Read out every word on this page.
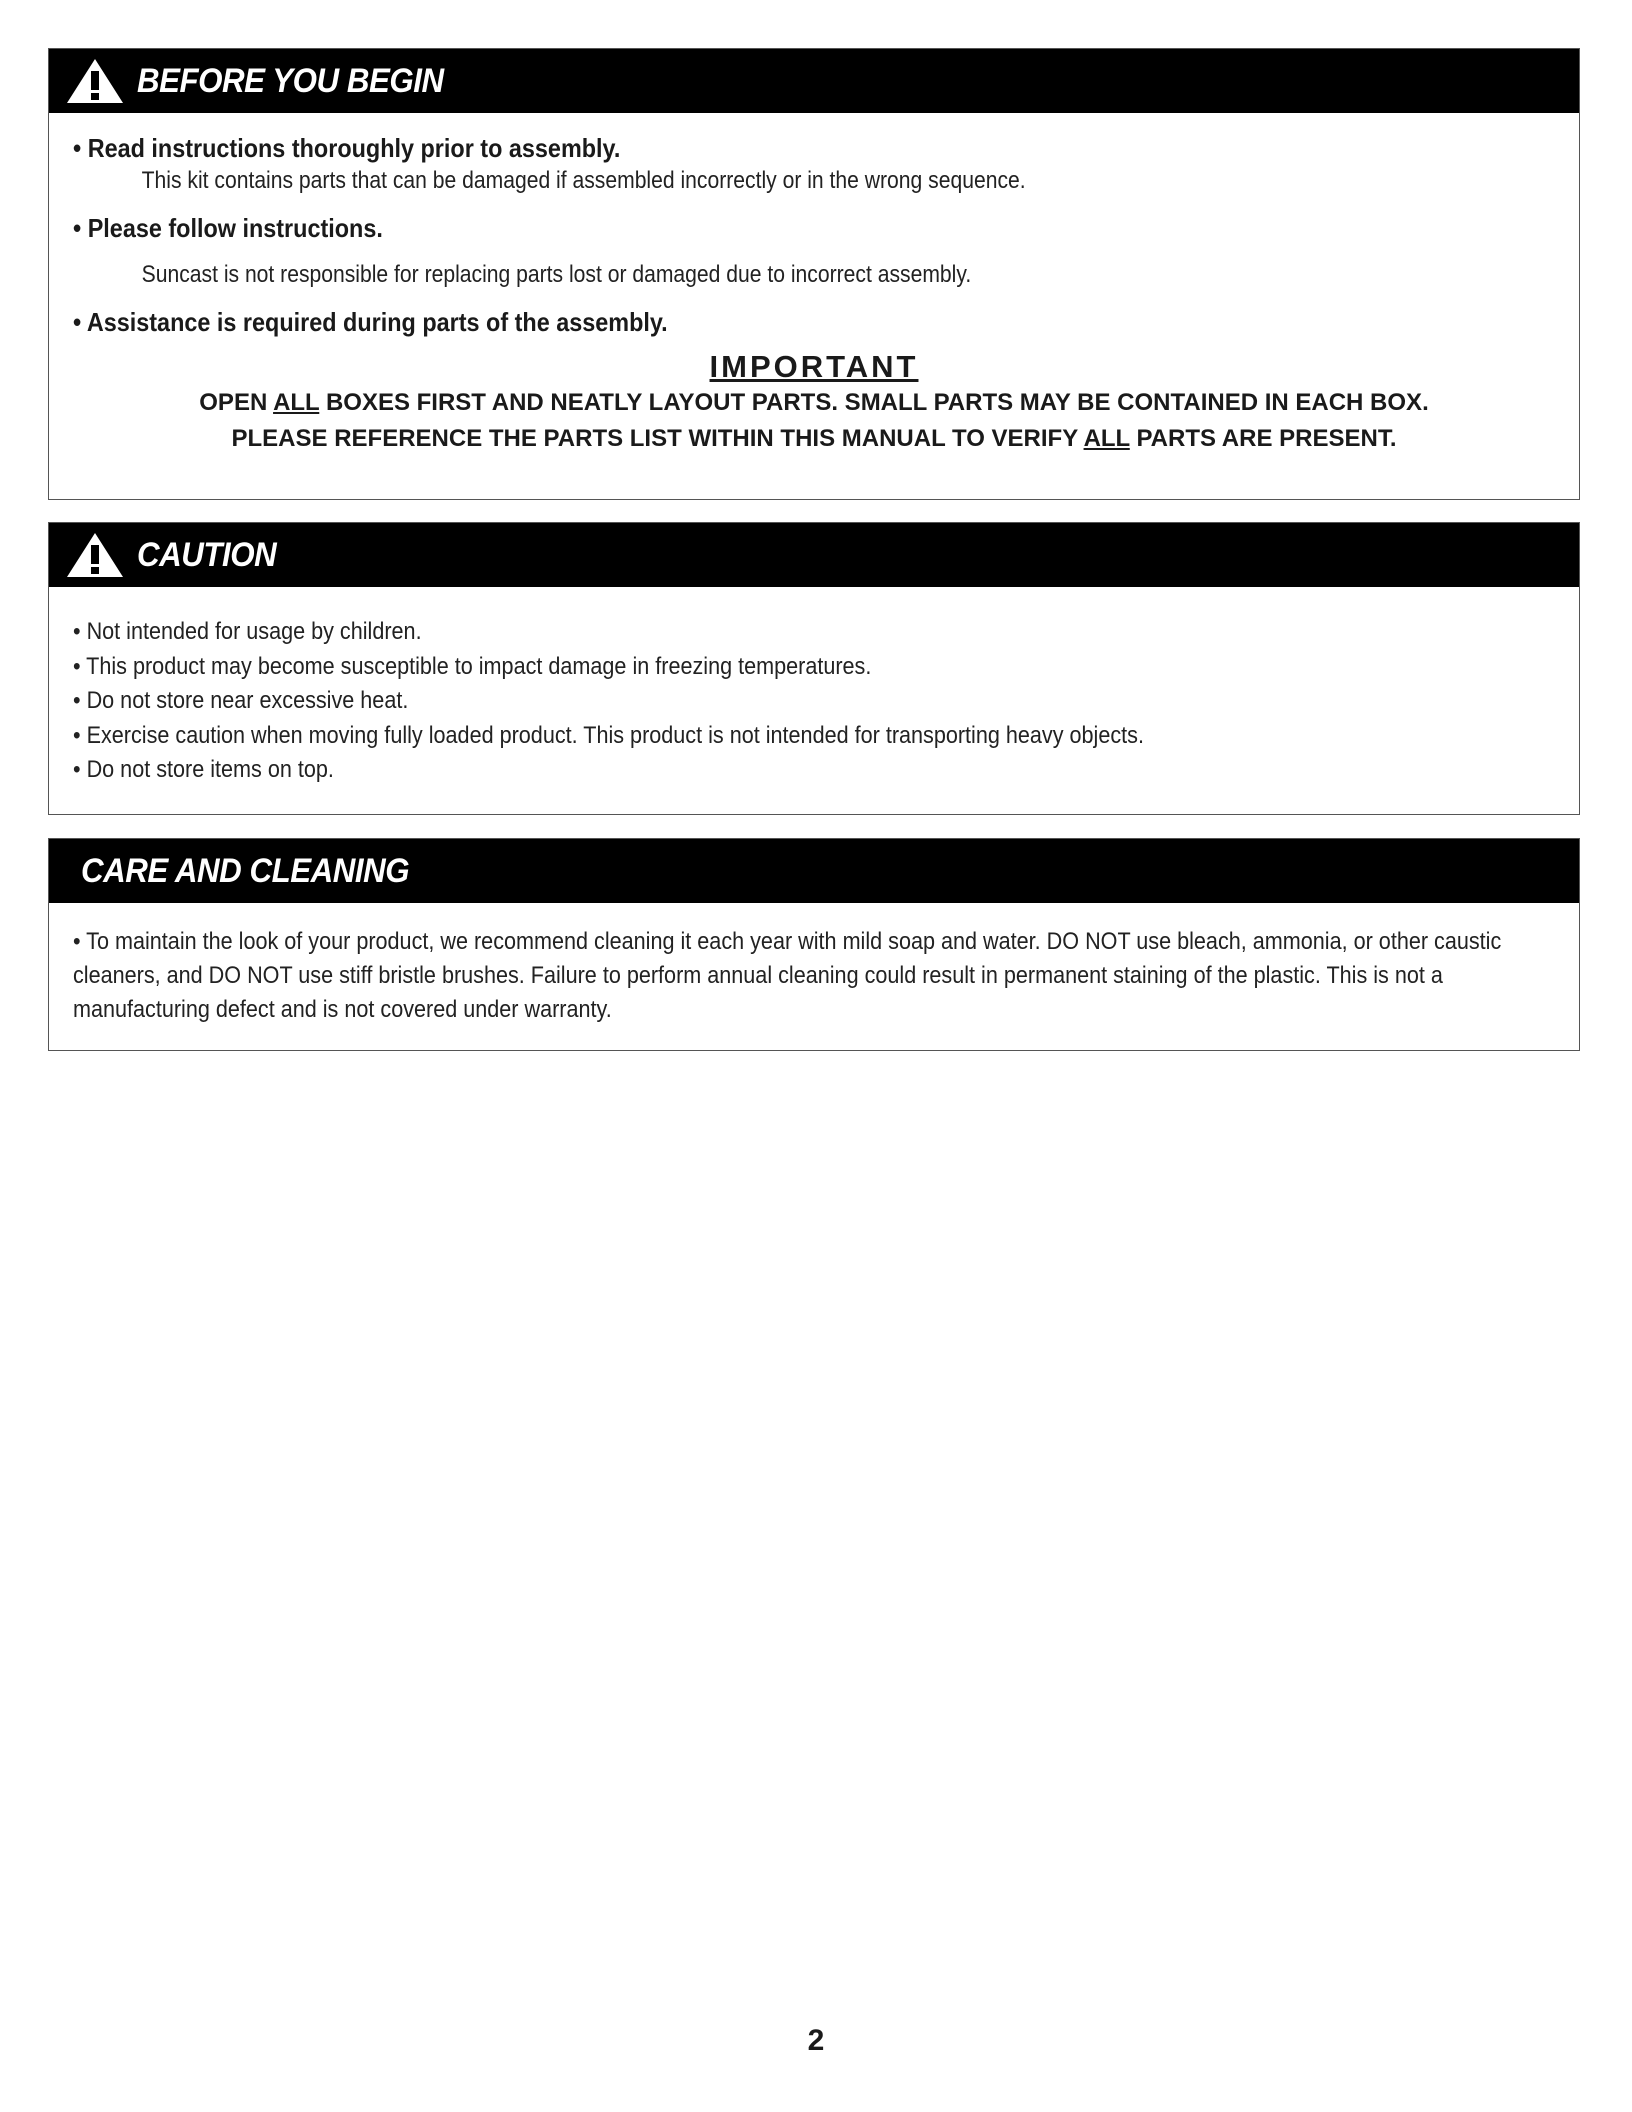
BEFORE YOU BEGIN
• Read instructions thoroughly prior to assembly.
This kit contains parts that can be damaged if assembled incorrectly or in the wrong sequence.
• Please follow instructions.
Suncast is not responsible for replacing parts lost or damaged due to incorrect assembly.
• Assistance is required during parts of the assembly.
IMPORTANT
OPEN ALL BOXES FIRST AND NEATLY LAYOUT PARTS. SMALL PARTS MAY BE CONTAINED IN EACH BOX.
PLEASE REFERENCE THE PARTS LIST WITHIN THIS MANUAL TO VERIFY ALL PARTS ARE PRESENT.
CAUTION
• Not intended for usage by children.
• This product may become susceptible to impact damage in freezing temperatures.
• Do not store near excessive heat.
• Exercise caution when moving fully loaded product. This product is not intended for transporting heavy objects.
• Do not store items on top.
CARE AND CLEANING
• To maintain the look of your product, we recommend cleaning it each year with mild soap and water. DO NOT use bleach, ammonia, or other caustic cleaners, and DO NOT use stiff bristle brushes. Failure to perform annual cleaning could result in permanent staining of the plastic. This is not a manufacturing defect and is not covered under warranty.
2
